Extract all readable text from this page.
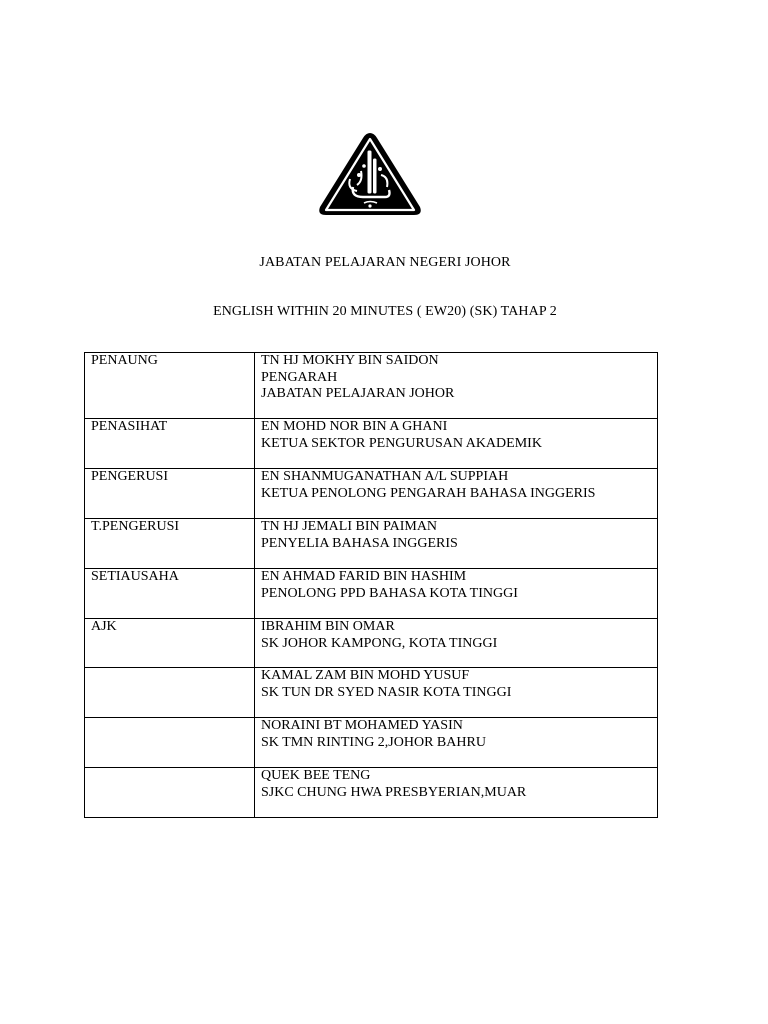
JABATAN PELAJARAN NEGERI JOHOR
ENGLISH WITHIN 20 MINUTES ( EW20) (SK) TAHAP 2
PENAUNG	TN HJ MOKHY BIN SAIDON
PENGARAH
JABATAN PELAJARAN JOHOR

PENASIHAT	EN MOHD NOR BIN A GHANI
KETUA SEKTOR PENGURUSAN AKADEMIK

PENGERUSI	EN SHANMUGANATHAN A/L SUPPIAH
KETUA PENOLONG PENGARAH BAHASA INGGERIS

T.PENGERUSI	TN HJ JEMALI BIN PAIMAN
PENYELIA BAHASA INGGERIS

SETIAUSAHA	EN AHMAD FARID BIN HASHIM
PENOLONG PPD BAHASA KOTA TINGGI

AJK	IBRAHIM BIN OMAR
SK JOHOR KAMPONG, KOTA TINGGI

	KAMAL ZAM BIN MOHD YUSUF
SK TUN DR SYED NASIR KOTA TINGGI

	NORAINI BT MOHAMED YASIN
SK TMN RINTING 2,JOHOR BAHRU

	QUEK BEE TENG
SJKC CHUNG HWA PRESBYERIAN,MUAR
